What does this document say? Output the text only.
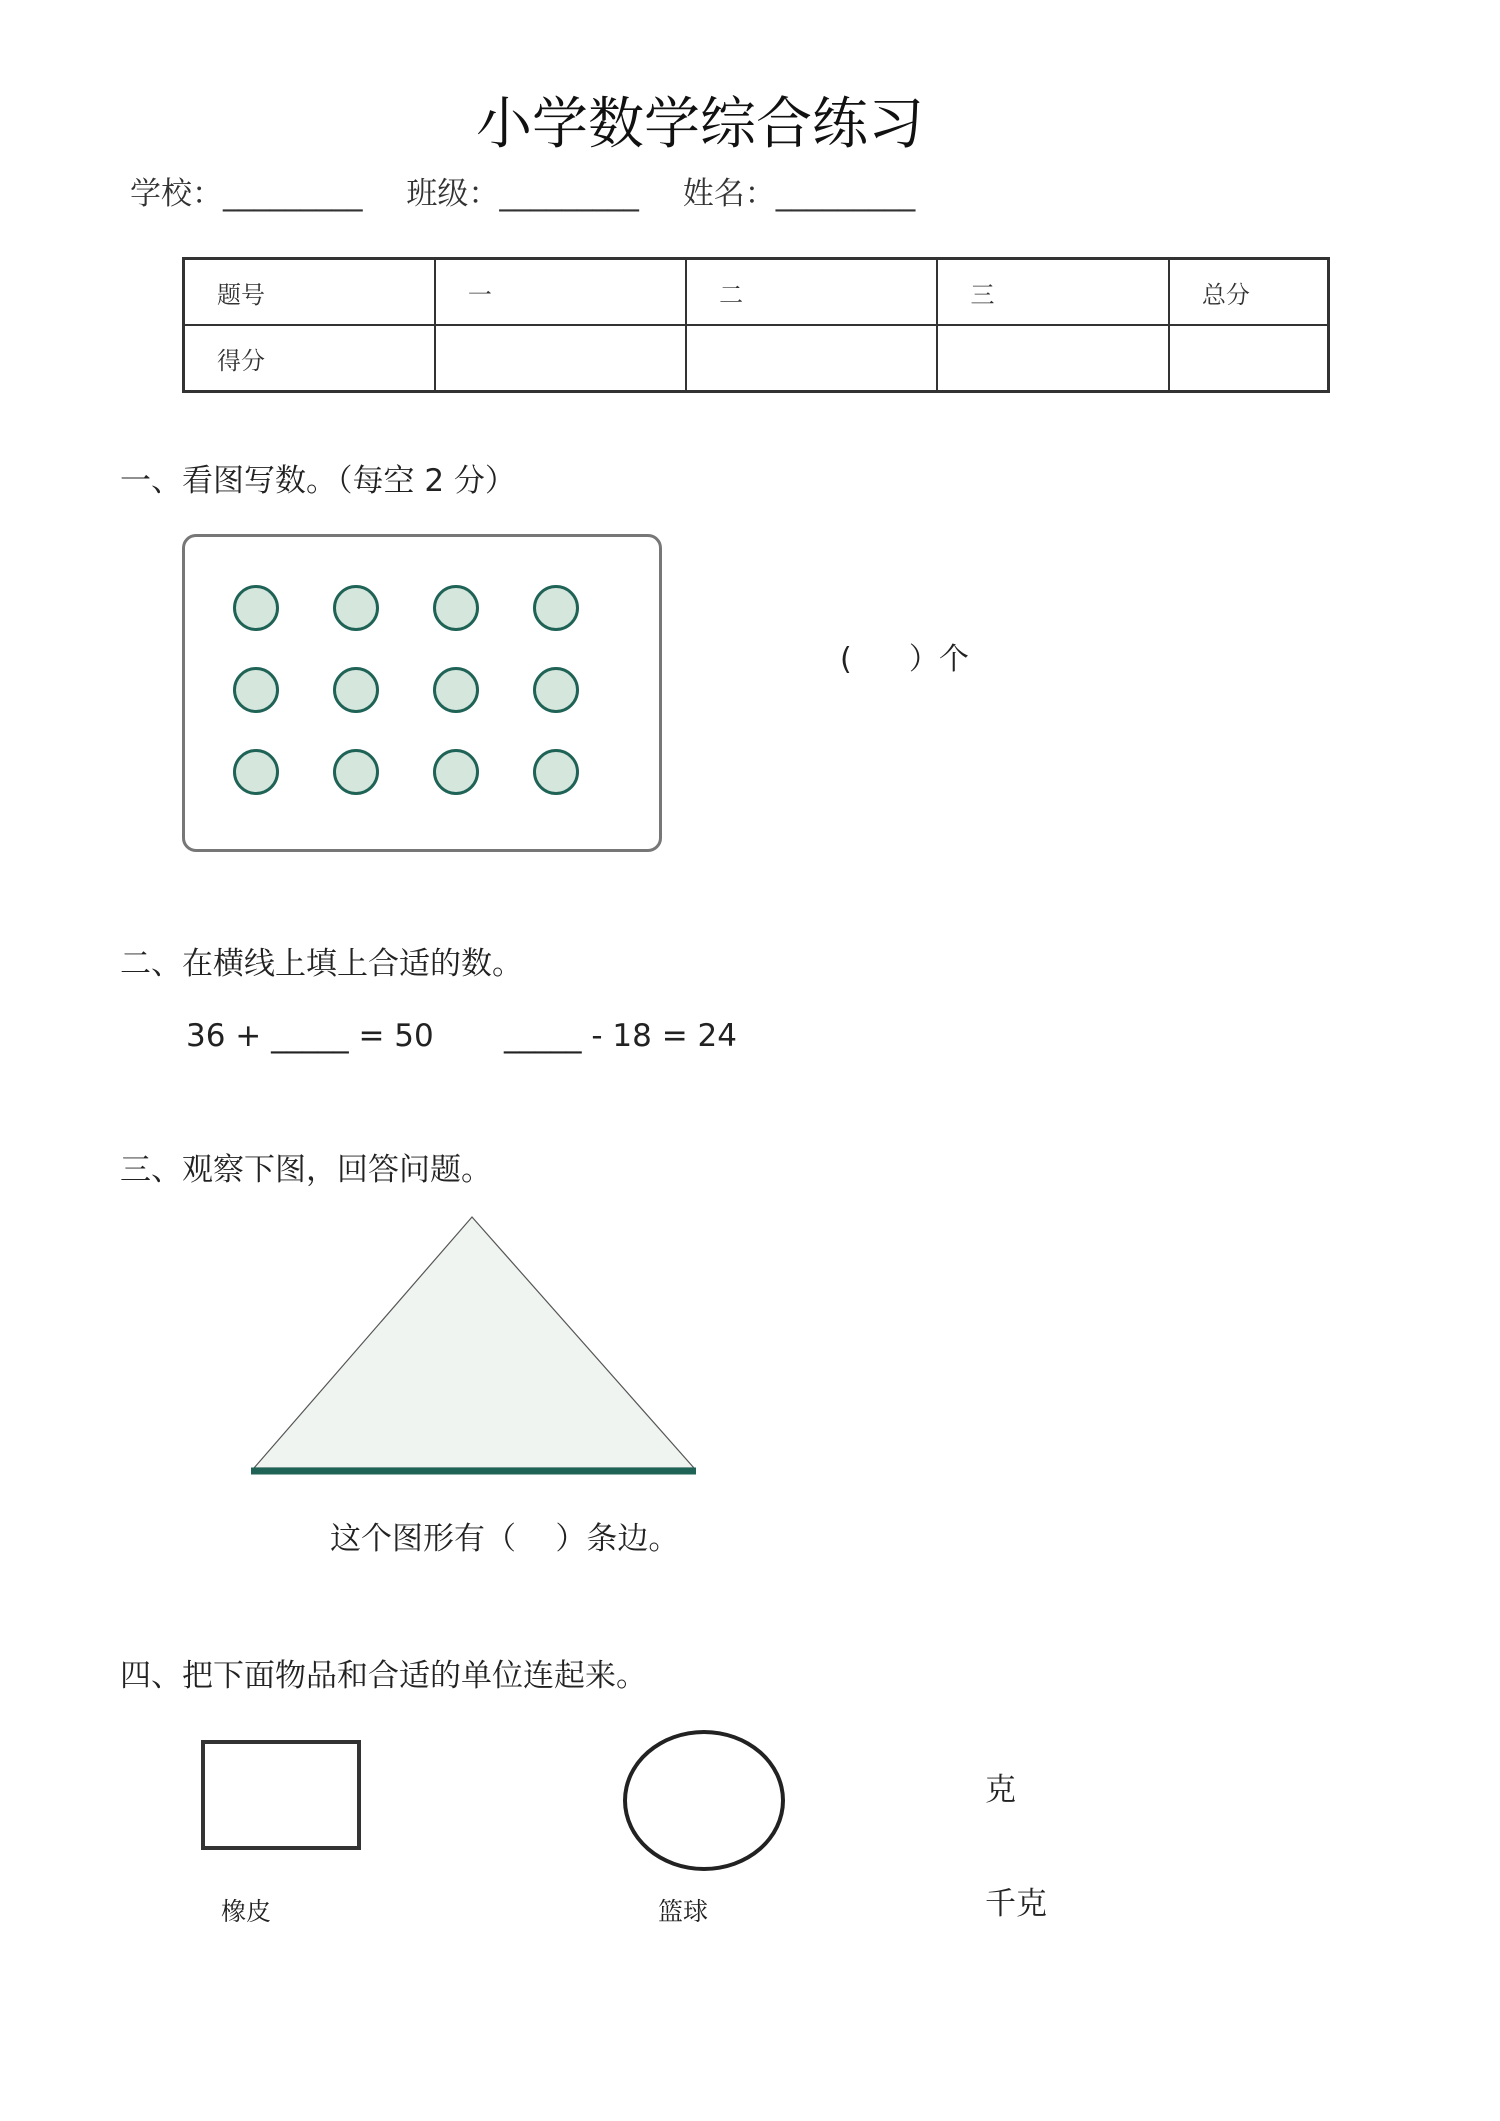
小学数学综合练习
学校：_________ 班级：_________ 姓名：_________
题号	一	二	三	总分
得分				
一、看图写数。（每空 2 分）
(      ）个
二、在横线上填上合适的数。
36 + _____ = 50 _____ - 18 = 24
三、观察下图，回答问题。
这个图形有（    ）条边。
四、把下面物品和合适的单位连起来。
橡皮	篮球
克
千克
